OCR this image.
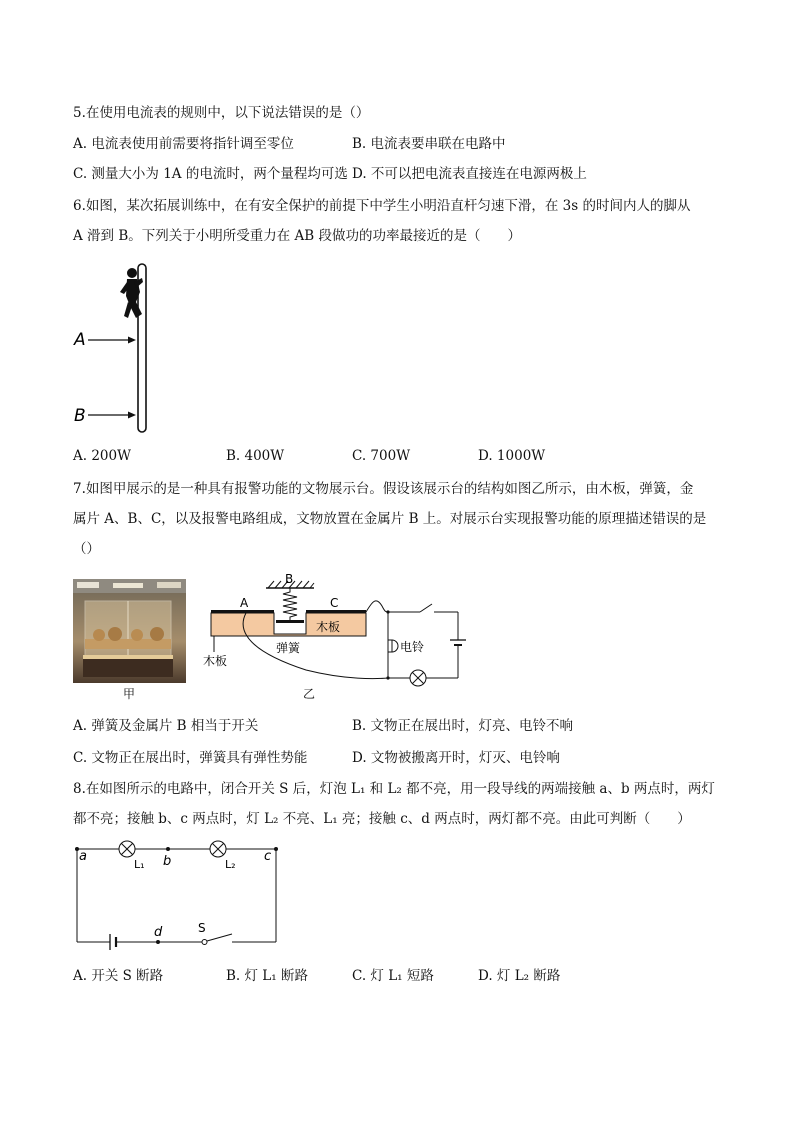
5.在使用电流表的规则中，以下说法错误的是（）
A. 电流表使用前需要将指针调至零位	B. 电流表要串联在电路中
C. 测量大小为 1A 的电流时，两个量程均可选 D. 不可以把电流表直接连在电源两极上
6.如图，某次拓展训练中，在有安全保护的前提下中学生小明沿直杆匀速下滑，在 3s 的时间内人的脚从
A 滑到 B。下列关于小明所受重力在 AB 段做功的功率最接近的是（　　）
A
B
A. 200W	B. 400W	C. 700W	D. 1000W
7.如图甲展示的是一种具有报警功能的文物展示台。假设该展示台的结构如图乙所示，由木板，弹簧，金
属片 A、B、C，以及报警电路组成，文物放置在金属片 B 上。对展示台实现报警功能的原理描述错误的是
（）
甲
B
A	C
木板
木板
弹簧	电铃
乙
A. 弹簧及金属片 B 相当于开关	B. 文物正在展出时，灯亮、电铃不响
C. 文物正在展出时，弹簧具有弹性势能	D. 文物被搬离开时，灯灭、电铃响
8.在如图所示的电路中，闭合开关 S 后，灯泡 L₁ 和 L₂ 都不亮，用一段导线的两端接触 a、b 两点时，两灯
都不亮；接触 b、c 两点时，灯 L₂ 不亮、L₁ 亮；接触 c、d 两点时，两灯都不亮。由此可判断（　　）
a	b	c
d
L₁	L₂
S
A. 开关 S 断路	B. 灯 L₁ 断路	C. 灯 L₁ 短路	D. 灯 L₂ 断路
